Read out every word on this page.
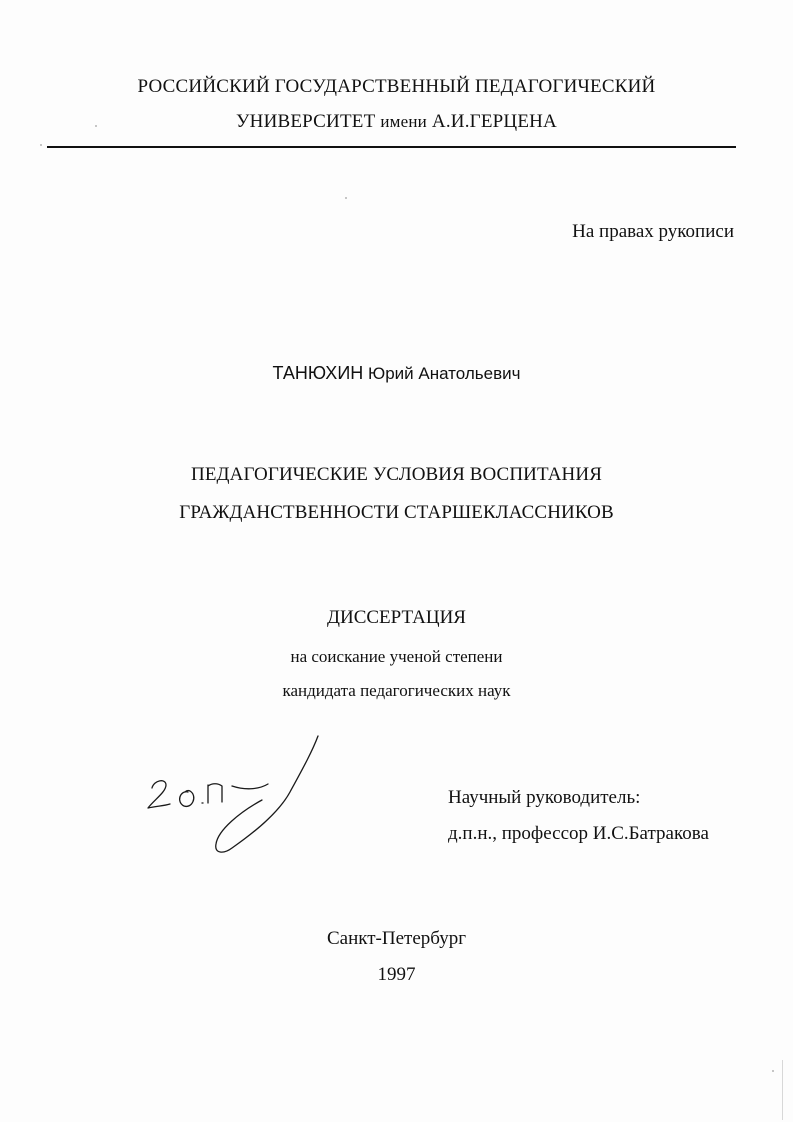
РОССИЙСКИЙ ГОСУДАРСТВЕННЫЙ ПЕДАГОГИЧЕСКИЙ
УНИВЕРСИТЕТ имени А.И.ГЕРЦЕНА
На правах рукописи
ТАНЮХИН Юрий Анатольевич
ПЕДАГОГИЧЕСКИЕ УСЛОВИЯ ВОСПИТАНИЯ
ГРАЖДАНСТВЕННОСТИ СТАРШЕКЛАССНИКОВ
ДИССЕРТАЦИЯ
на соискание ученой степени
кандидата педагогических наук
Научный руководитель:
д.п.н., профессор И.С.Батракова
Санкт-Петербург
1997
